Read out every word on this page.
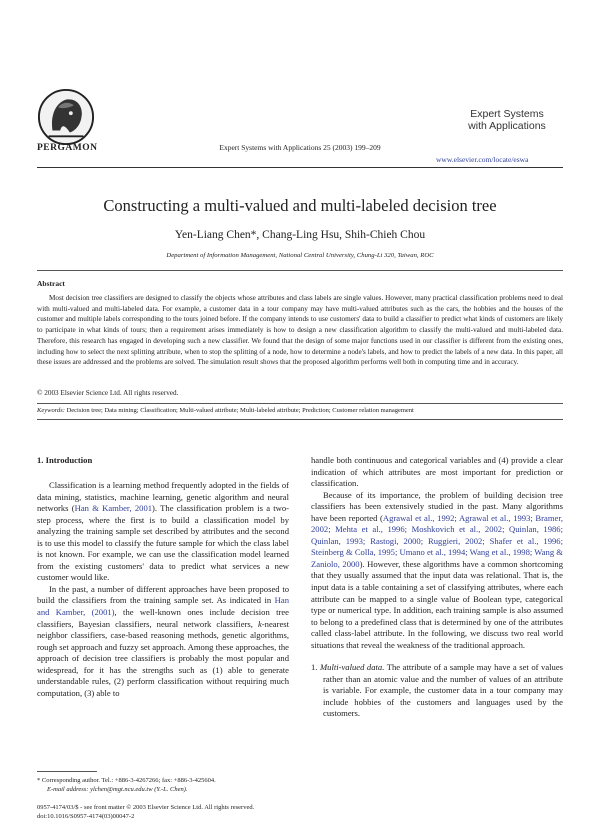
PERGAMON	Expert Systems with Applications 25 (2003) 199–209
Expert Systems
with Applications
www.elsevier.com/locate/eswa
Constructing a multi-valued and multi-labeled decision tree
Yen-Liang Chen*, Chang-Ling Hsu, Shih-Chieh Chou
Department of Information Management, National Central University, Chung-Li 320, Taiwan, ROC
Abstract

Most decision tree classifiers are designed to classify the objects whose attributes and class labels are single values. However, many practical classification problems need to deal with multi-valued and multi-labeled data. For example, a customer data in a tour company may have multi-valued attributes such as the cars, the hobbies and the houses of the customer and multiple labels corresponding to the tours joined before. If the company intends to use customers' data to build a classifier to predict what kinds of customers are likely to participate in what kinds of tours; then a requirement arises immediately is how to design a new classification algorithm to classify the multi-valued and multi-labeled data. Therefore, this research has engaged in developing such a new classifier. We found that the design of some major functions used in our classifier is different from the existing ones, including how to select the next splitting attribute, when to stop the splitting of a node, how to determine a node's labels, and how to predict the labels of a new data. In this paper, all these issues are addressed and the problems are solved. The simulation result shows that the proposed algorithm performs well both in computing time and in accuracy.

© 2003 Elsevier Science Ltd. All rights reserved.
Keywords: Decision tree; Data mining; Classification; Multi-valued attribute; Multi-labeled attribute; Prediction; Customer relation management
1. Introduction

Classification is a learning method frequently adopted in the fields of data mining, statistics, machine learning, genetic algorithm and neural networks (Han & Kamber, 2001). The classification problem is a two-step process, where the first is to build a classification model by analyzing the training sample set described by attributes and the second is to use this model to classify the future sample for which the class label is not known. For example, we can use the classification model learned from the existing customers' data to predict what services a new customer would like.

In the past, a number of different approaches have been proposed to build the classifiers from the training sample set. As indicated in Han and Kamber, (2001), the well-known ones include decision tree classifiers, Bayesian classifiers, neural network classifiers, k-nearest neighbor classifiers, case-based reasoning methods, genetic algorithms, rough set approach and fuzzy set approach. Among these approaches, the approach of decision tree classifiers is probably the most popular and widespread, for it has the strengths such as (1) able to generate understandable rules, (2) perform classification without requiring much computation, (3) able to

handle both continuous and categorical variables and (4) provide a clear indication of which attributes are most important for prediction or classification.

Because of its importance, the problem of building decision tree classifiers has been extensively studied in the past. Many algorithms have been reported (Agrawal et al., 1992; Agrawal et al., 1993; Bramer, 2002; Mehta et al., 1996; Moshkovich et al., 2002; Quinlan, 1986; Quinlan, 1993; Rastogi, 2000; Ruggieri, 2002; Shafer et al., 1996; Steinberg & Colla, 1995; Umano et al., 1994; Wang et al., 1998; Wang & Zaniolo, 2000). However, these algorithms have a common shortcoming that they usually assumed that the input data was relational. That is, the input data is a table containing a set of classifying attributes, where each attribute can be mapped to a single value of Boolean type, categorical type or numerical type. In addition, each training sample is also assumed to belong to a predefined class that is determined by one of the attributes called class-label attribute. In the following, we discuss two real world situations that reveal the weakness of the traditional approach.

1. Multi-valued data. The attribute of a sample may have a set of values rather than an atomic value and the number of values of an attribute is variable. For example, the customer data in a tour company may include hobbies of the customers and languages used by the customers.

* Corresponding author. Tel.: +886-3-4267266; fax: +886-3-425604.
E-mail address: ylchen@mgt.ncu.edu.tw (Y.-L. Chen).
0957-4174/03/$ - see front matter © 2003 Elsevier Science Ltd. All rights reserved.
doi:10.1016/S0957-4174(03)00047-2
